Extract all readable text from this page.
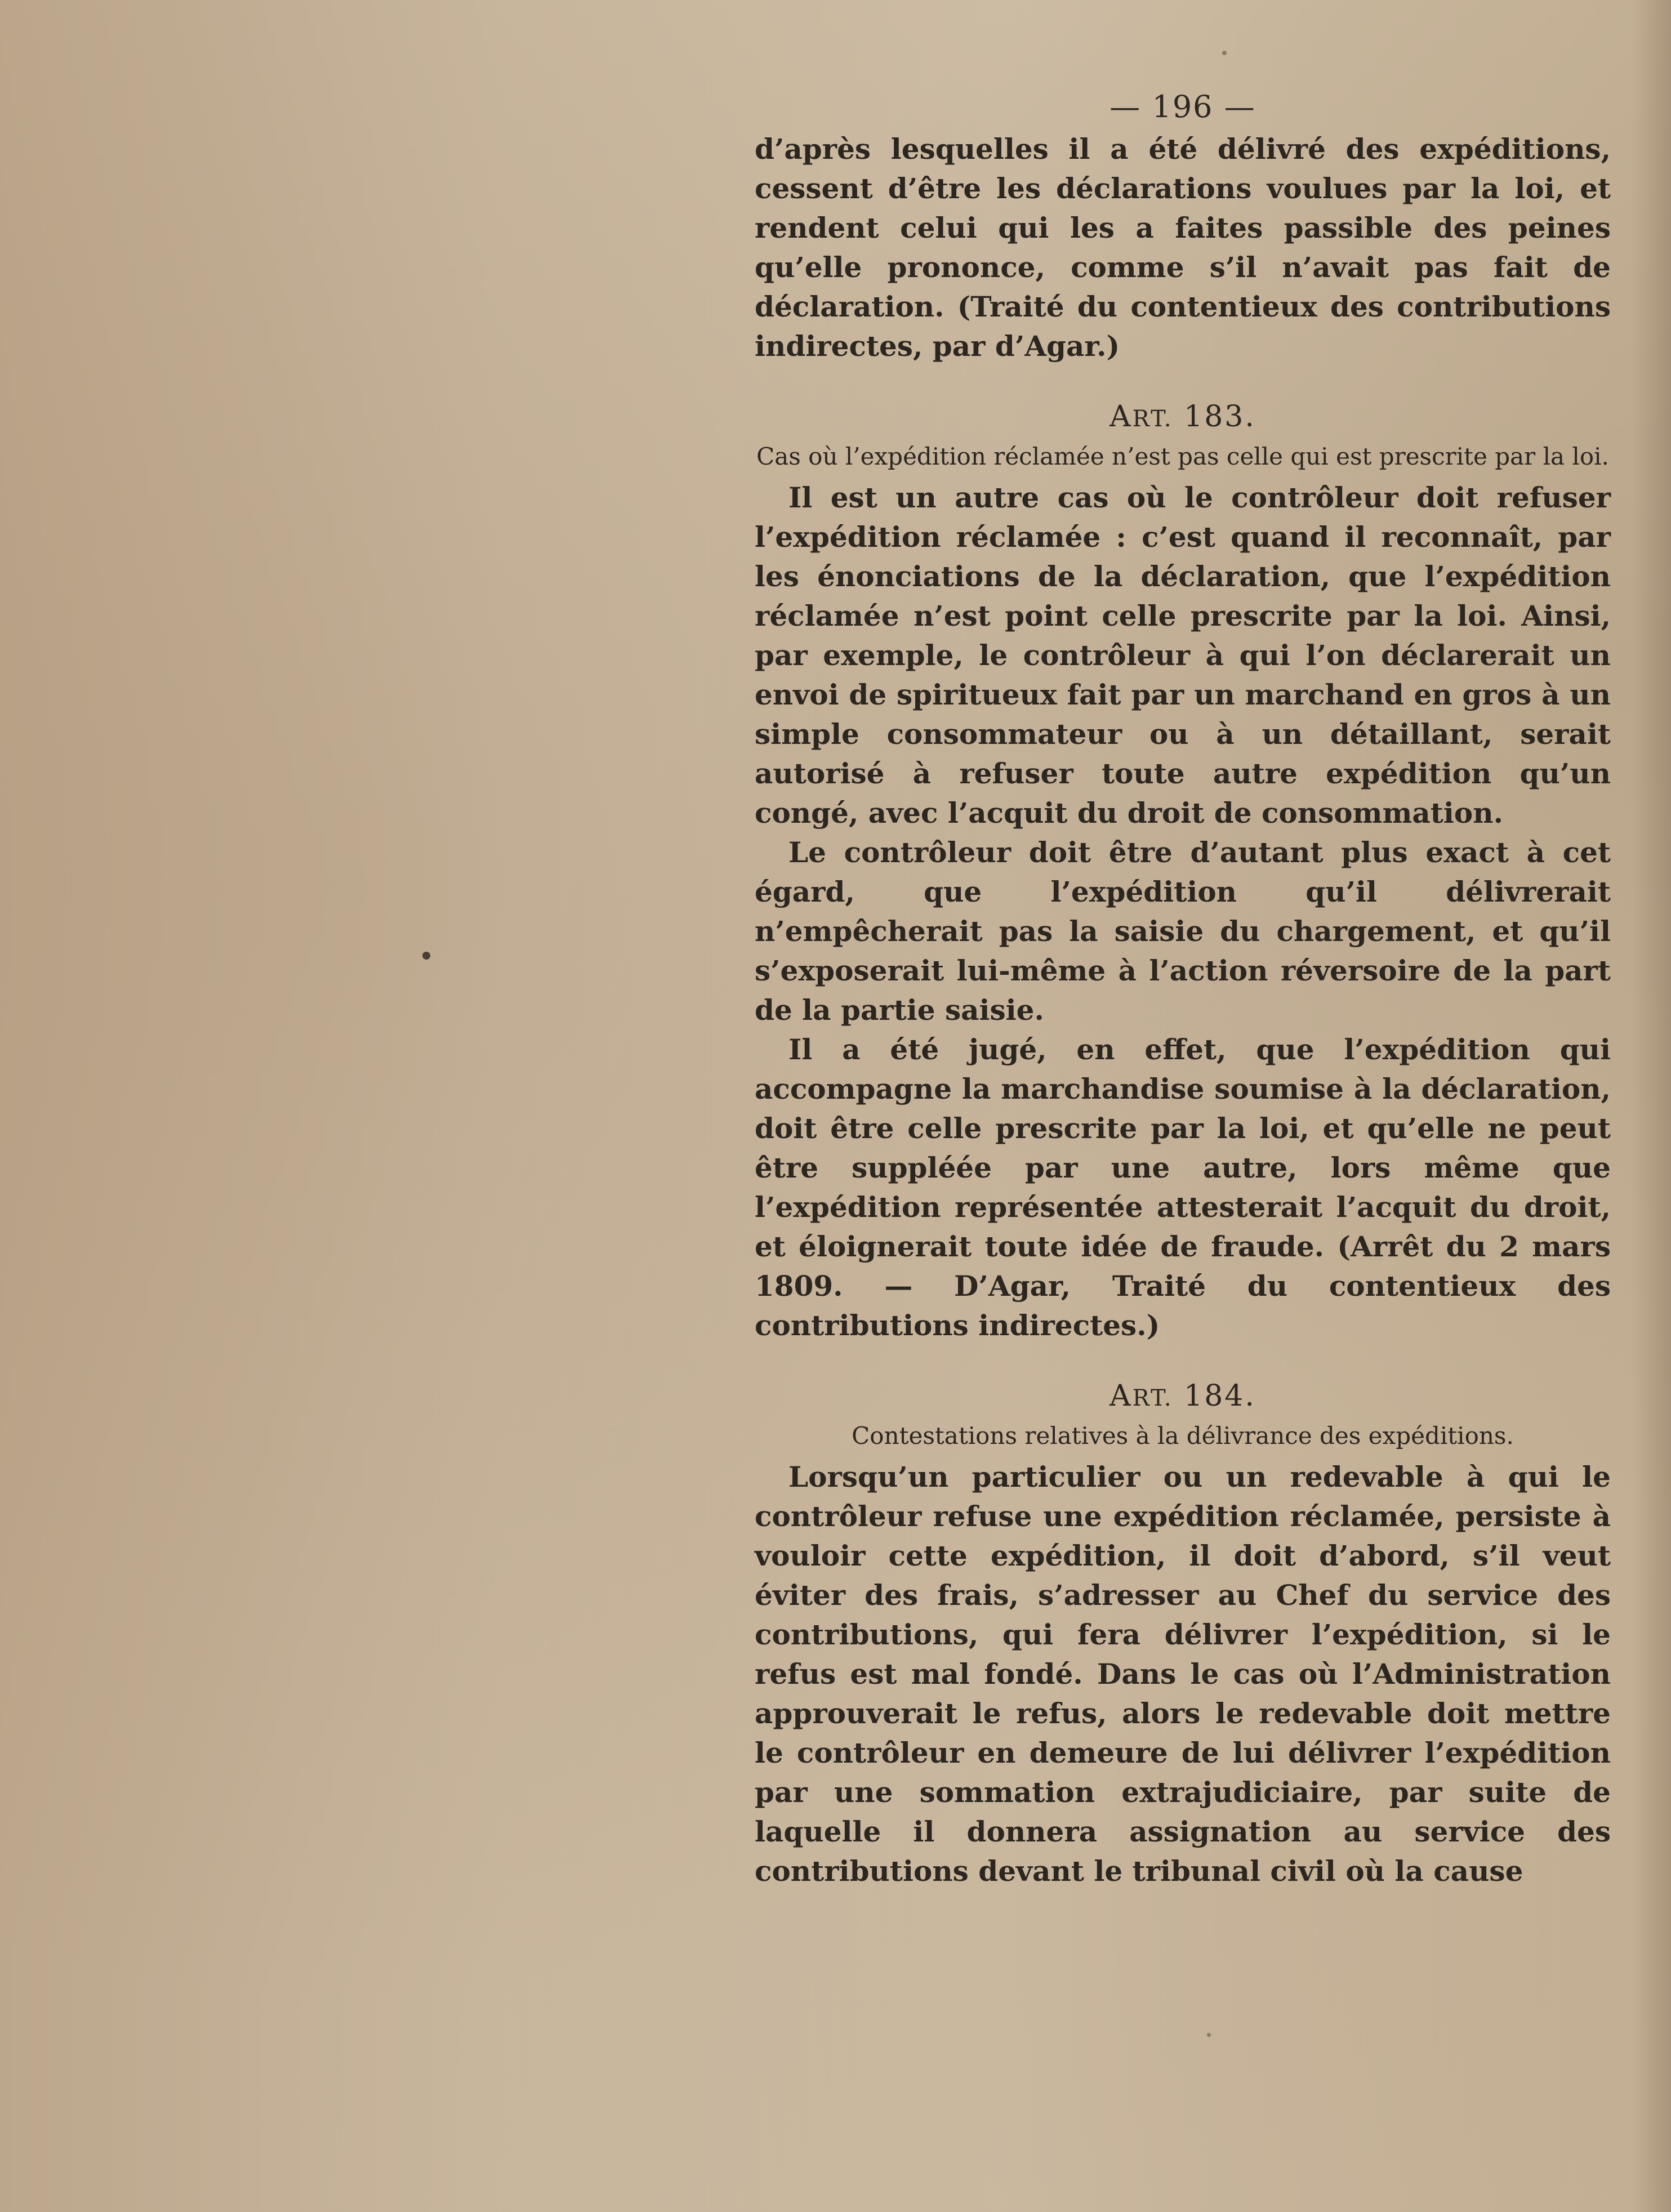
— 196 —

d’après lesquelles il a été délivré des expéditions, cessent d’être les déclarations voulues par la loi, et rendent celui qui les a faites passible des peines qu’elle prononce, comme s’il n’avait pas fait de déclaration. (Traité du contentieux des contributions indirectes, par d’Agar.)

ART. 183.
Cas où l’expédition réclamée n’est pas celle qui est prescrite par la loi.

Il est un autre cas où le contrôleur doit refuser l’expédition réclamée : c’est quand il reconnaît, par les énonciations de la déclaration, que l’expédition réclamée n’est point celle prescrite par la loi. Ainsi, par exemple, le contrôleur à qui l’on déclarerait un envoi de spiritueux fait par un marchand en gros à un simple consommateur ou à un détaillant, serait autorisé à refuser toute autre expédition qu’un congé, avec l’acquit du droit de consommation.

Le contrôleur doit être d’autant plus exact à cet égard, que l’expédition qu’il délivrerait n’empêcherait pas la saisie du chargement, et qu’il s’exposerait lui-même à l’action réversoire de la part de la partie saisie.

Il a été jugé, en effet, que l’expédition qui accompagne la marchandise soumise à la déclaration, doit être celle prescrite par la loi, et qu’elle ne peut être suppléée par une autre, lors même que l’expédition représentée attesterait l’acquit du droit, et éloignerait toute idée de fraude. (Arrêt du 2 mars 1809. — D’Agar, Traité du contentieux des contributions indirectes.)

ART. 184.
Contestations relatives à la délivrance des expéditions.

Lorsqu’un particulier ou un redevable à qui le contrôleur refuse une expédition réclamée, persiste à vouloir cette expédition, il doit d’abord, s’il veut éviter des frais, s’adresser au Chef du service des contributions, qui fera délivrer l’expédition, si le refus est mal fondé. Dans le cas où l’Administration approuverait le refus, alors le redevable doit mettre le contrôleur en demeure de lui délivrer l’expédition par une sommation extrajudiciaire, par suite de laquelle il donnera assignation au service des contributions devant le tribunal civil où la cause
